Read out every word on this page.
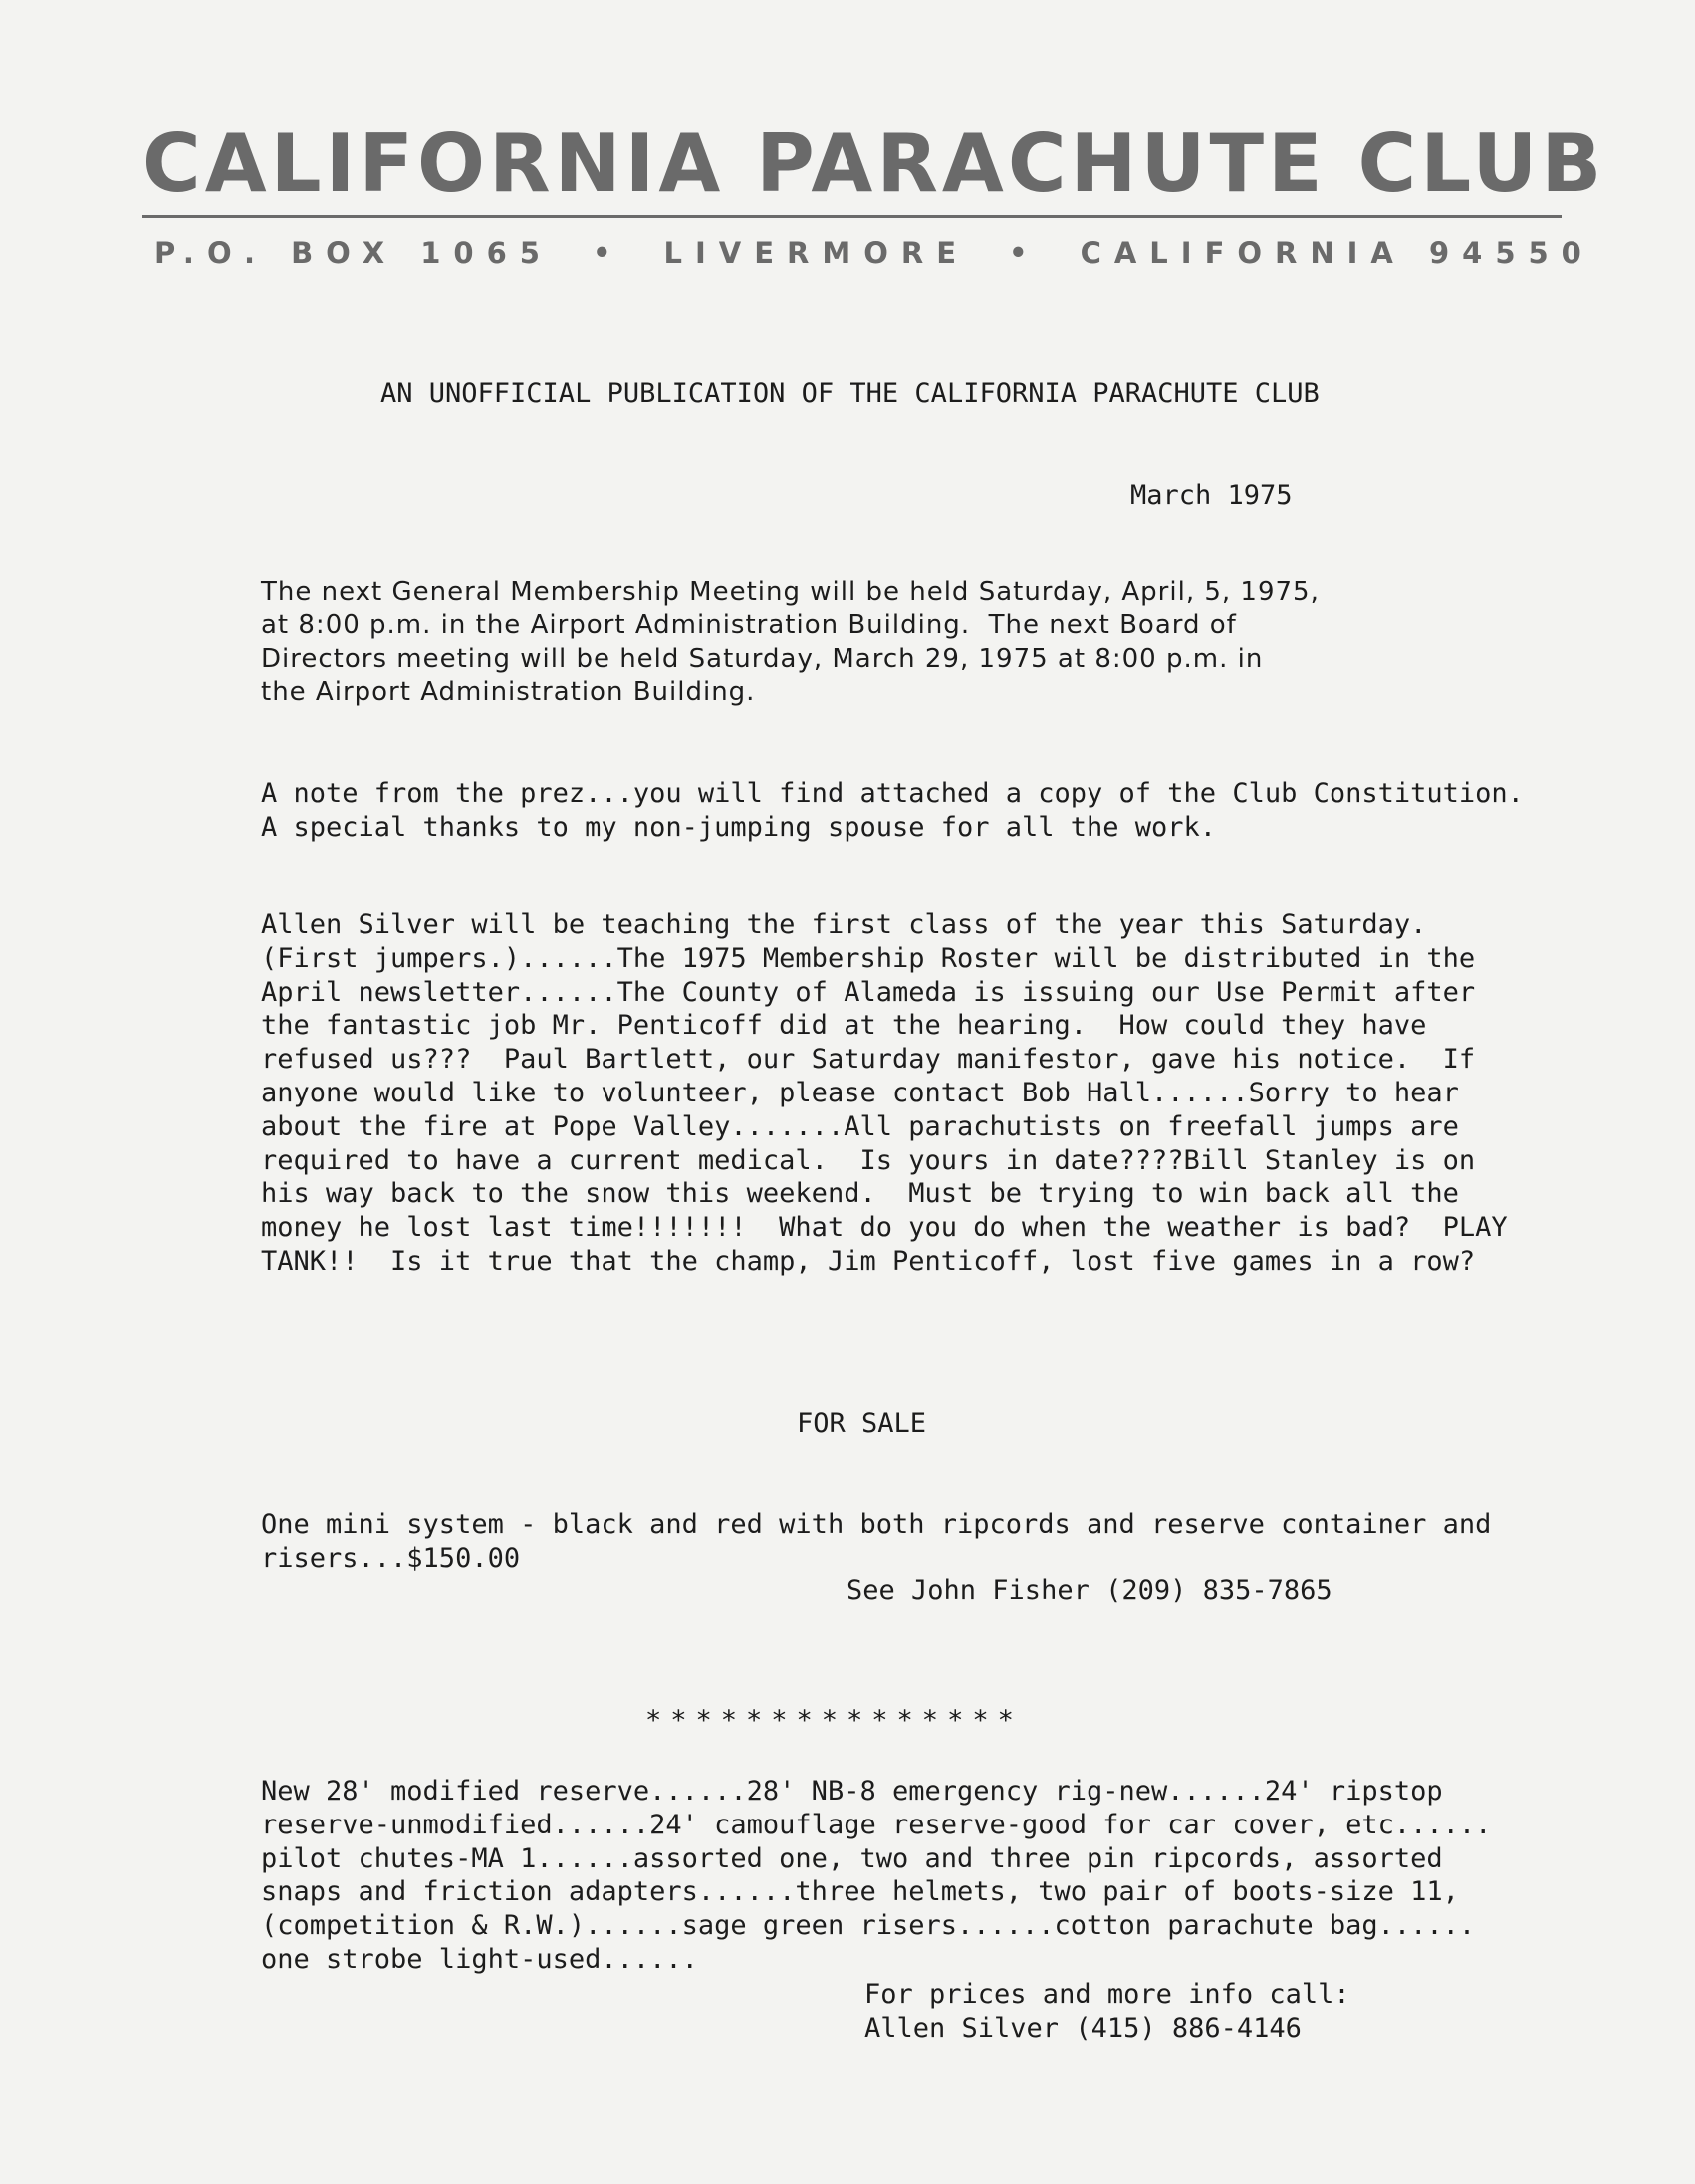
CALIFORNIA PARACHUTE CLUB
P.O. BOX 1065 • LIVERMORE • CALIFORNIA 94550
AN UNOFFICIAL PUBLICATION OF THE CALIFORNIA PARACHUTE CLUB
March 1975
The next General Membership Meeting will be held Saturday, April, 5, 1975,
at 8:00 p.m. in the Airport Administration Building.  The next Board of
Directors meeting will be held Saturday, March 29, 1975 at 8:00 p.m. in
the Airport Administration Building.
A note from the prez...you will find attached a copy of the Club Constitution.
A special thanks to my non-jumping spouse for all the work.
Allen Silver will be teaching the first class of the year this Saturday.
(First jumpers.)......The 1975 Membership Roster will be distributed in the
April newsletter......The County of Alameda is issuing our Use Permit after
the fantastic job Mr. Penticoff did at the hearing.  How could they have
refused us???  Paul Bartlett, our Saturday manifestor, gave his notice.  If
anyone would like to volunteer, please contact Bob Hall......Sorry to hear
about the fire at Pope Valley.......All parachutists on freefall jumps are
required to have a current medical.  Is yours in date????Bill Stanley is on
his way back to the snow this weekend.  Must be trying to win back all the
money he lost last time!!!!!!!  What do you do when the weather is bad?  PLAY
TANK!!  Is it true that the champ, Jim Penticoff, lost five games in a row?
FOR SALE
One mini system - black and red with both ripcords and reserve container and
risers...$150.00
See John Fisher (209) 835-7865
***************
New 28' modified reserve......28' NB-8 emergency rig-new......24' ripstop
reserve-unmodified......24' camouflage reserve-good for car cover, etc......
pilot chutes-MA 1......assorted one, two and three pin ripcords, assorted
snaps and friction adapters......three helmets, two pair of boots-size 11,
(competition & R.W.)......sage green risers......cotton parachute bag......
one strobe light-used......
For prices and more info call:
Allen Silver (415) 886-4146
